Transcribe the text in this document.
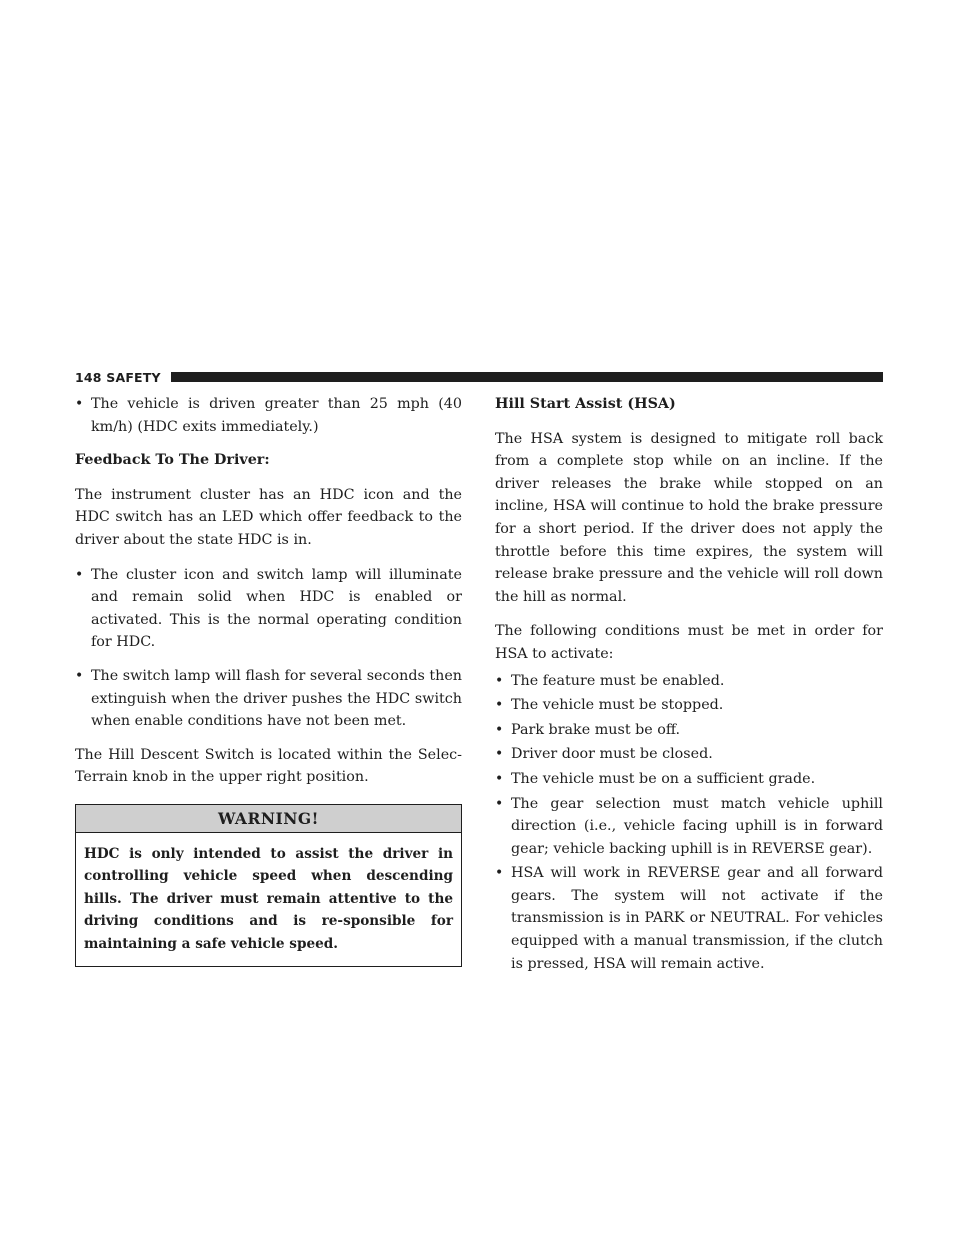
148 SAFETY
• The vehicle is driven greater than 25 mph (40 km/h) (HDC exits immediately.)

Feedback To The Driver:

The instrument cluster has an HDC icon and the HDC switch has an LED which offer feedback to the driver about the state HDC is in.

• The cluster icon and switch lamp will illuminate and remain solid when HDC is enabled or activated. This is the normal operating condition for HDC.
• The switch lamp will flash for several seconds then extinguish when the driver pushes the HDC switch when enable conditions have not been met.

The Hill Descent Switch is located within the Selec-Terrain knob in the upper right position.

WARNING!
HDC is only intended to assist the driver in controlling vehicle speed when descending hills. The driver must remain attentive to the driving conditions and is re-sponsible for maintaining a safe vehicle speed.

Hill Start Assist (HSA)

The HSA system is designed to mitigate roll back from a complete stop while on an incline. If the driver releases the brake while stopped on an incline, HSA will continue to hold the brake pressure for a short period. If the driver does not apply the throttle before this time expires, the system will release brake pressure and the vehicle will roll down the hill as normal.

The following conditions must be met in order for HSA to activate:

• The feature must be enabled.
• The vehicle must be stopped.
• Park brake must be off.
• Driver door must be closed.
• The vehicle must be on a sufficient grade.
• The gear selection must match vehicle uphill direction (i.e., vehicle facing uphill is in forward gear; vehicle backing uphill is in REVERSE gear).
• HSA will work in REVERSE gear and all forward gears. The system will not activate if the transmission is in PARK or NEUTRAL. For vehicles equipped with a manual transmission, if the clutch is pressed, HSA will remain active.
